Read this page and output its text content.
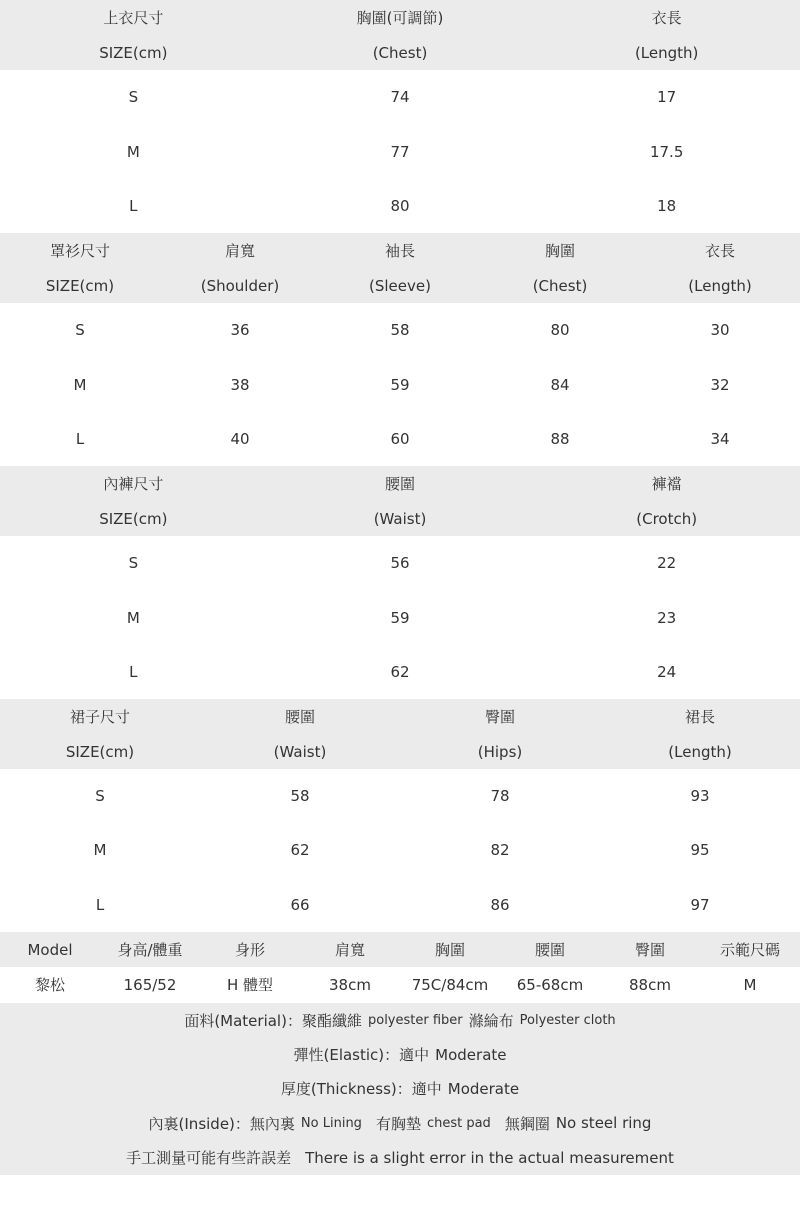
上衣尺寸	胸圍(可調節)	衣長
SIZE(cm)	(Chest)	(Length)
S	74	17
M	77	17.5
L	80	18
罩衫尺寸	肩寬	袖長	胸圍	衣長
SIZE(cm)	(Shoulder)	(Sleeve)	(Chest)	(Length)
S	36	58	80	30
M	38	59	84	32
L	40	60	88	34
內褲尺寸	腰圍	褲襠
SIZE(cm)	(Waist)	(Crotch)
S	56	22
M	59	23
L	62	24
裙子尺寸	腰圍	臀圍	裙長
SIZE(cm)	(Waist)	(Hips)	(Length)
S	58	78	93
M	62	82	95
L	66	86	97
Model	身高/體重	身形	肩寬	胸圍	腰圍	臀圍	示範尺碼
黎松	165/52	H 體型	38cm	75C/84cm	65-68cm	88cm	M
面料(Material)： 聚酯纖維 polyester fiber 滌綸布 Polyester cloth
彈性(Elastic)： 適中 Moderate
厚度(Thickness)： 適中 Moderate
內裏(Inside)： 無內裏 No Lining 有胸墊 chest pad 無鋼圈 No steel ring
手工測量可能有些許誤差 There is a slight error in the actual measurement
